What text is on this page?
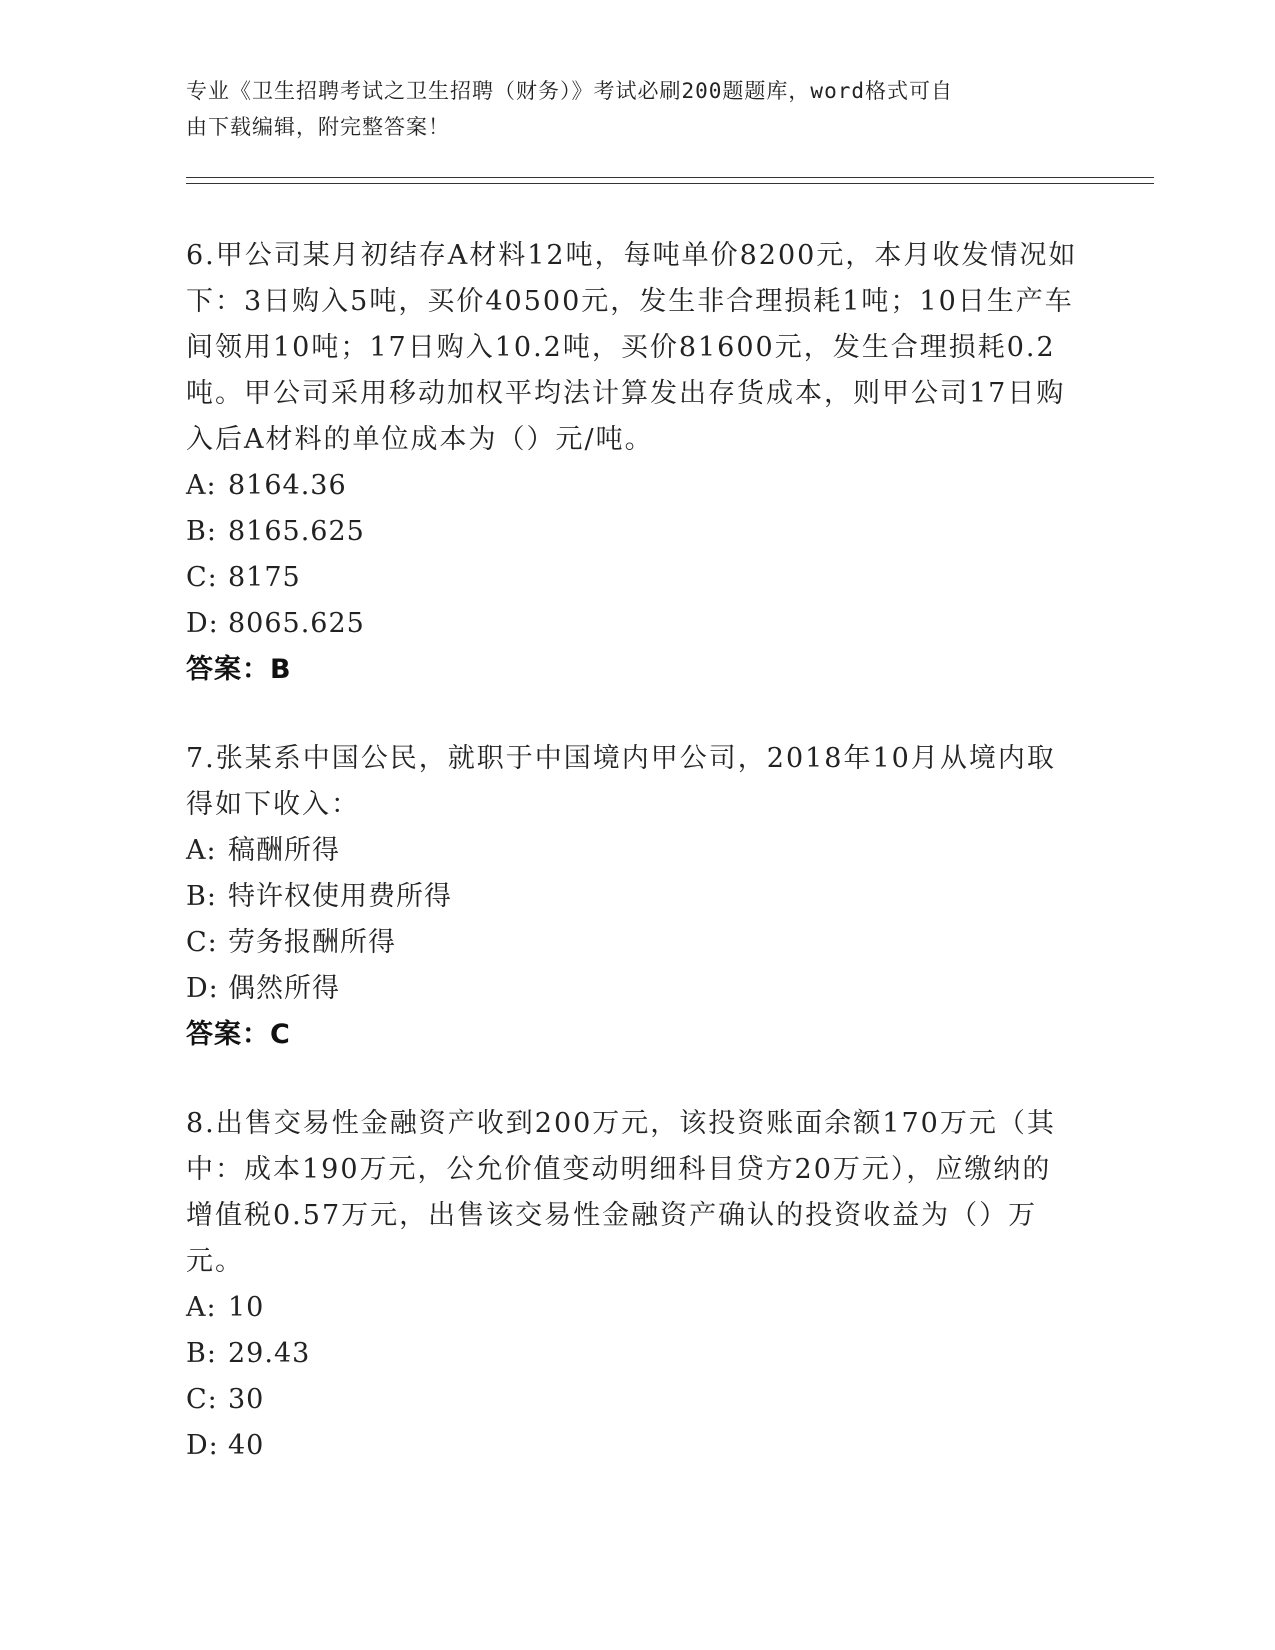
专业《卫生招聘考试之卫生招聘（财务）》考试必刷200题题库，word格式可自
由下载编辑，附完整答案！

6.甲公司某月初结存A材料12吨，每吨单价8200元，本月收发情况如下：3日购入5吨，买价40500元，发生非合理损耗1吨；10日生产车间领用10吨；17日购入10.2吨，买价81600元，发生合理损耗0.2吨。甲公司采用移动加权平均法计算发出存货成本，则甲公司17日购入后A材料的单位成本为（）元/吨。

A: 8164.36

B: 8165.625

C: 8175

D: 8065.625

答案：B

7.张某系中国公民，就职于中国境内甲公司，2018年10月从境内取得如下收入：

A: 稿酬所得

B: 特许权使用费所得

C: 劳务报酬所得

D: 偶然所得

答案：C

8.出售交易性金融资产收到200万元，该投资账面余额170万元（其中：成本190万元，公允价值变动明细科目贷方20万元），应缴纳的增值税0.57万元，出售该交易性金融资产确认的投资收益为（）万元。

A: 10

B: 29.43

C: 30

D: 40
